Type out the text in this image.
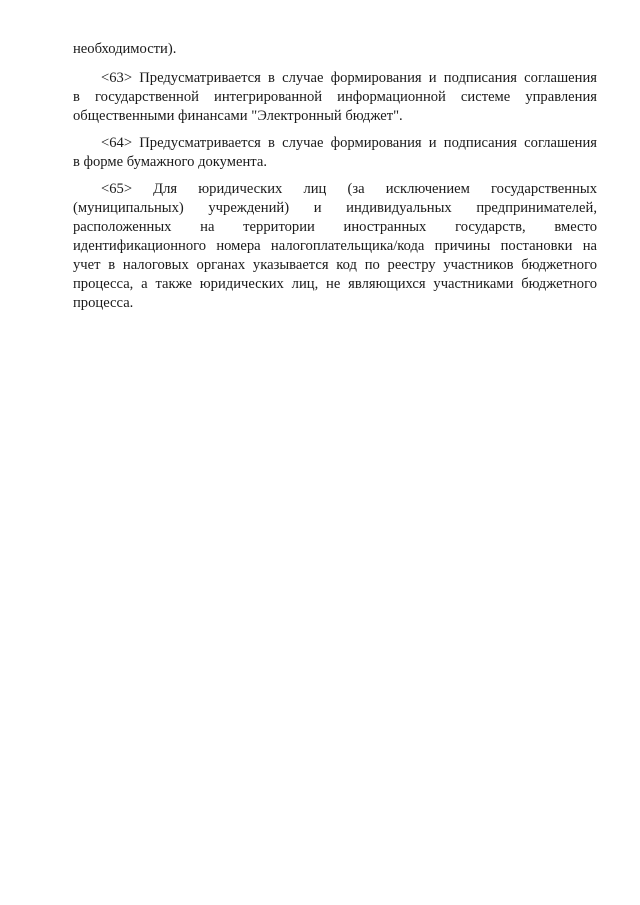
необходимости).
<63> Предусматривается в случае формирования и подписания соглашения
в государственной интегрированной информационной системе управления
общественными финансами "Электронный бюджет".
<64> Предусматривается в случае формирования и подписания соглашения
в форме бумажного документа.
<65> Для юридических лиц (за исключением государственных
(муниципальных) учреждений) и индивидуальных предпринимателей,
расположенных на территории иностранных государств, вместо
идентификационного номера налогоплательщика/кода причины постановки на
учет в налоговых органах указывается код по реестру участников бюджетного
процесса, а также юридических лиц, не являющихся участниками бюджетного
процесса.
